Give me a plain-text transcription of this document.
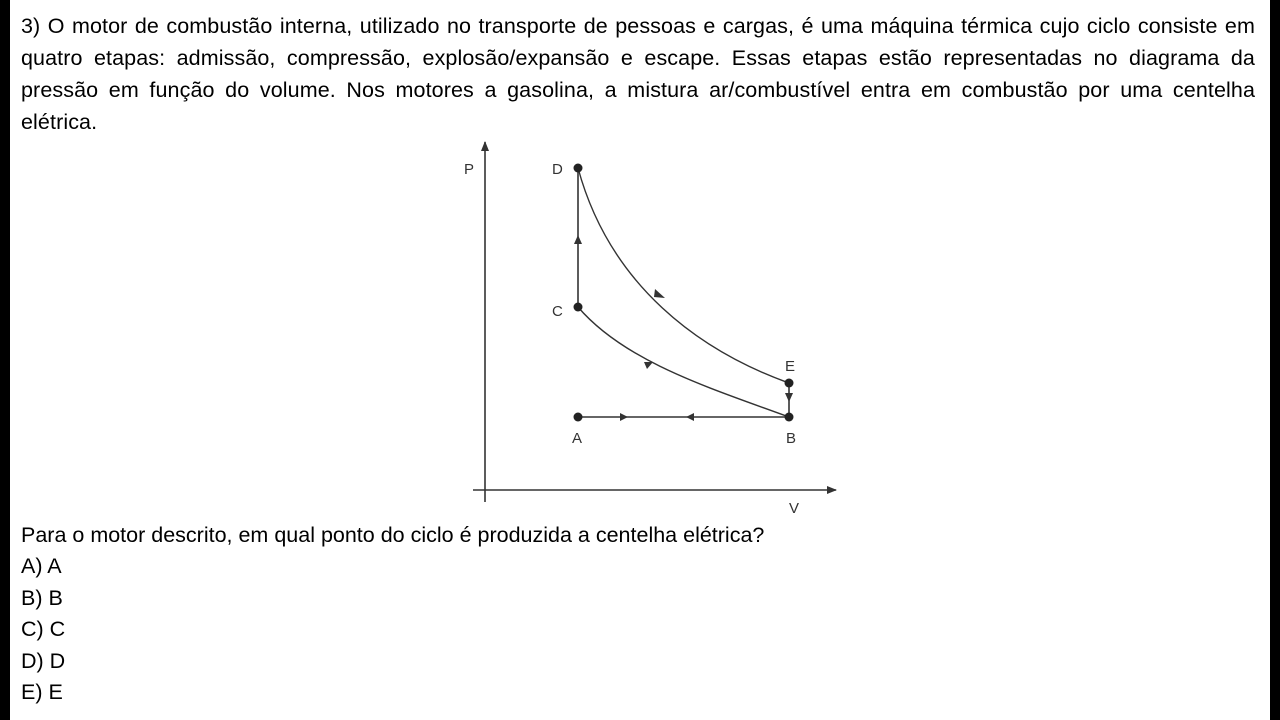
3) O motor de combustão interna, utilizado no transporte de pessoas e cargas, é uma máquina térmica cujo ciclo consiste em quatro etapas: admissão, compressão, explosão/expansão e escape. Essas etapas estão representadas no diagrama da pressão em função do volume. Nos motores a gasolina, a mistura ar/combustível entra em combustão por uma centelha elétrica.

P
V
A	B
C
D
E

Para o motor descrito, em qual ponto do ciclo é produzida a centelha elétrica?

A) A
B) B
C) C
D) D
E) E
